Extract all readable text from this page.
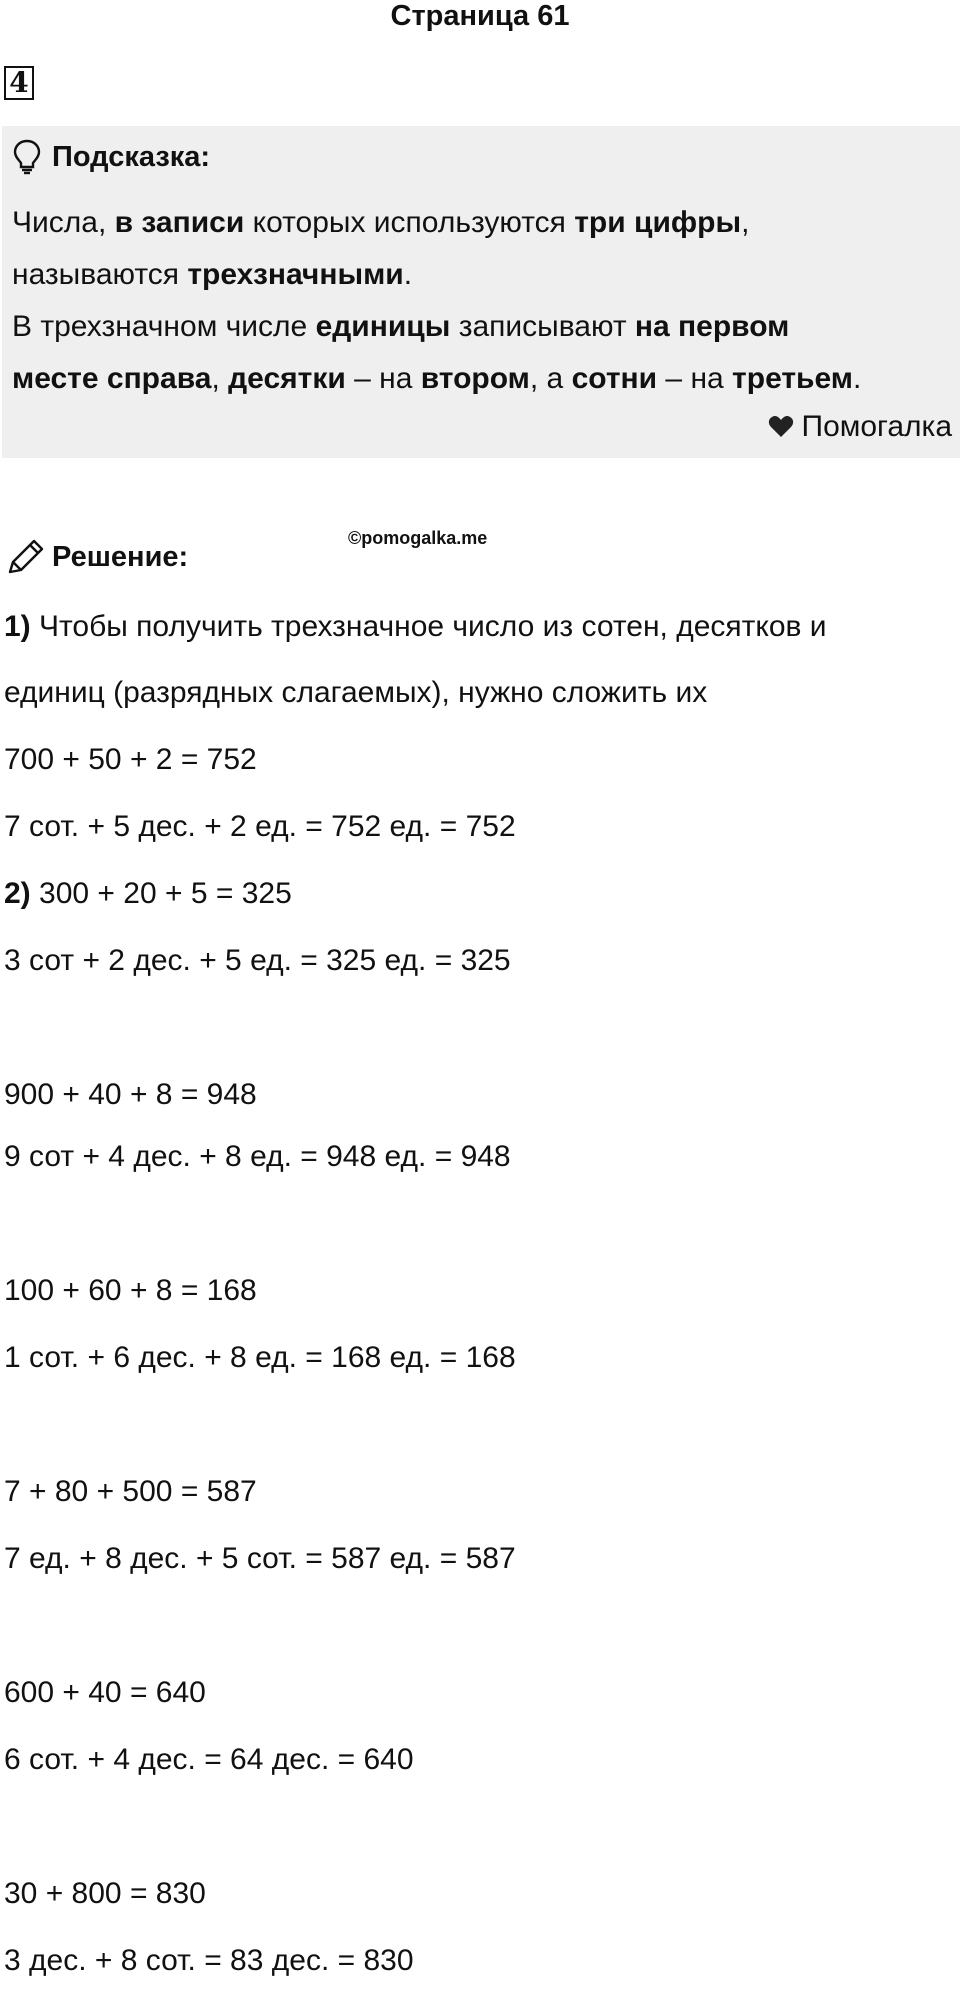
Страница 61
4
Подсказка:
Числа, в записи которых используются три цифры,
называются трехзначными.
В трехзначном числе единицы записывают на первом
месте справа, десятки – на втором, а сотни – на третьем.
Помогалка
Решение:
©pomogalka.me
1) Чтобы получить трехзначное число из сотен, десятков и
единиц (разрядных слагаемых), нужно сложить их
700 + 50 + 2 = 752
7 сот. + 5 дес. + 2 ед. = 752 ед. = 752
2) 300 + 20 + 5 = 325
3 сот + 2 дес. + 5 ед. = 325 ед. = 325
900 + 40 + 8 = 948
9 сот + 4 дес. + 8 ед. = 948 ед. = 948
100 + 60 + 8 = 168
1 сот. + 6 дес. + 8 ед. = 168 ед. = 168
7 + 80 + 500 = 587
7 ед. + 8 дес. + 5 сот. = 587 ед. = 587
600 + 40 = 640
6 сот. + 4 дес. = 64 дес. = 640
30 + 800 = 830
3 дес. + 8 сот. = 83 дес. = 830
